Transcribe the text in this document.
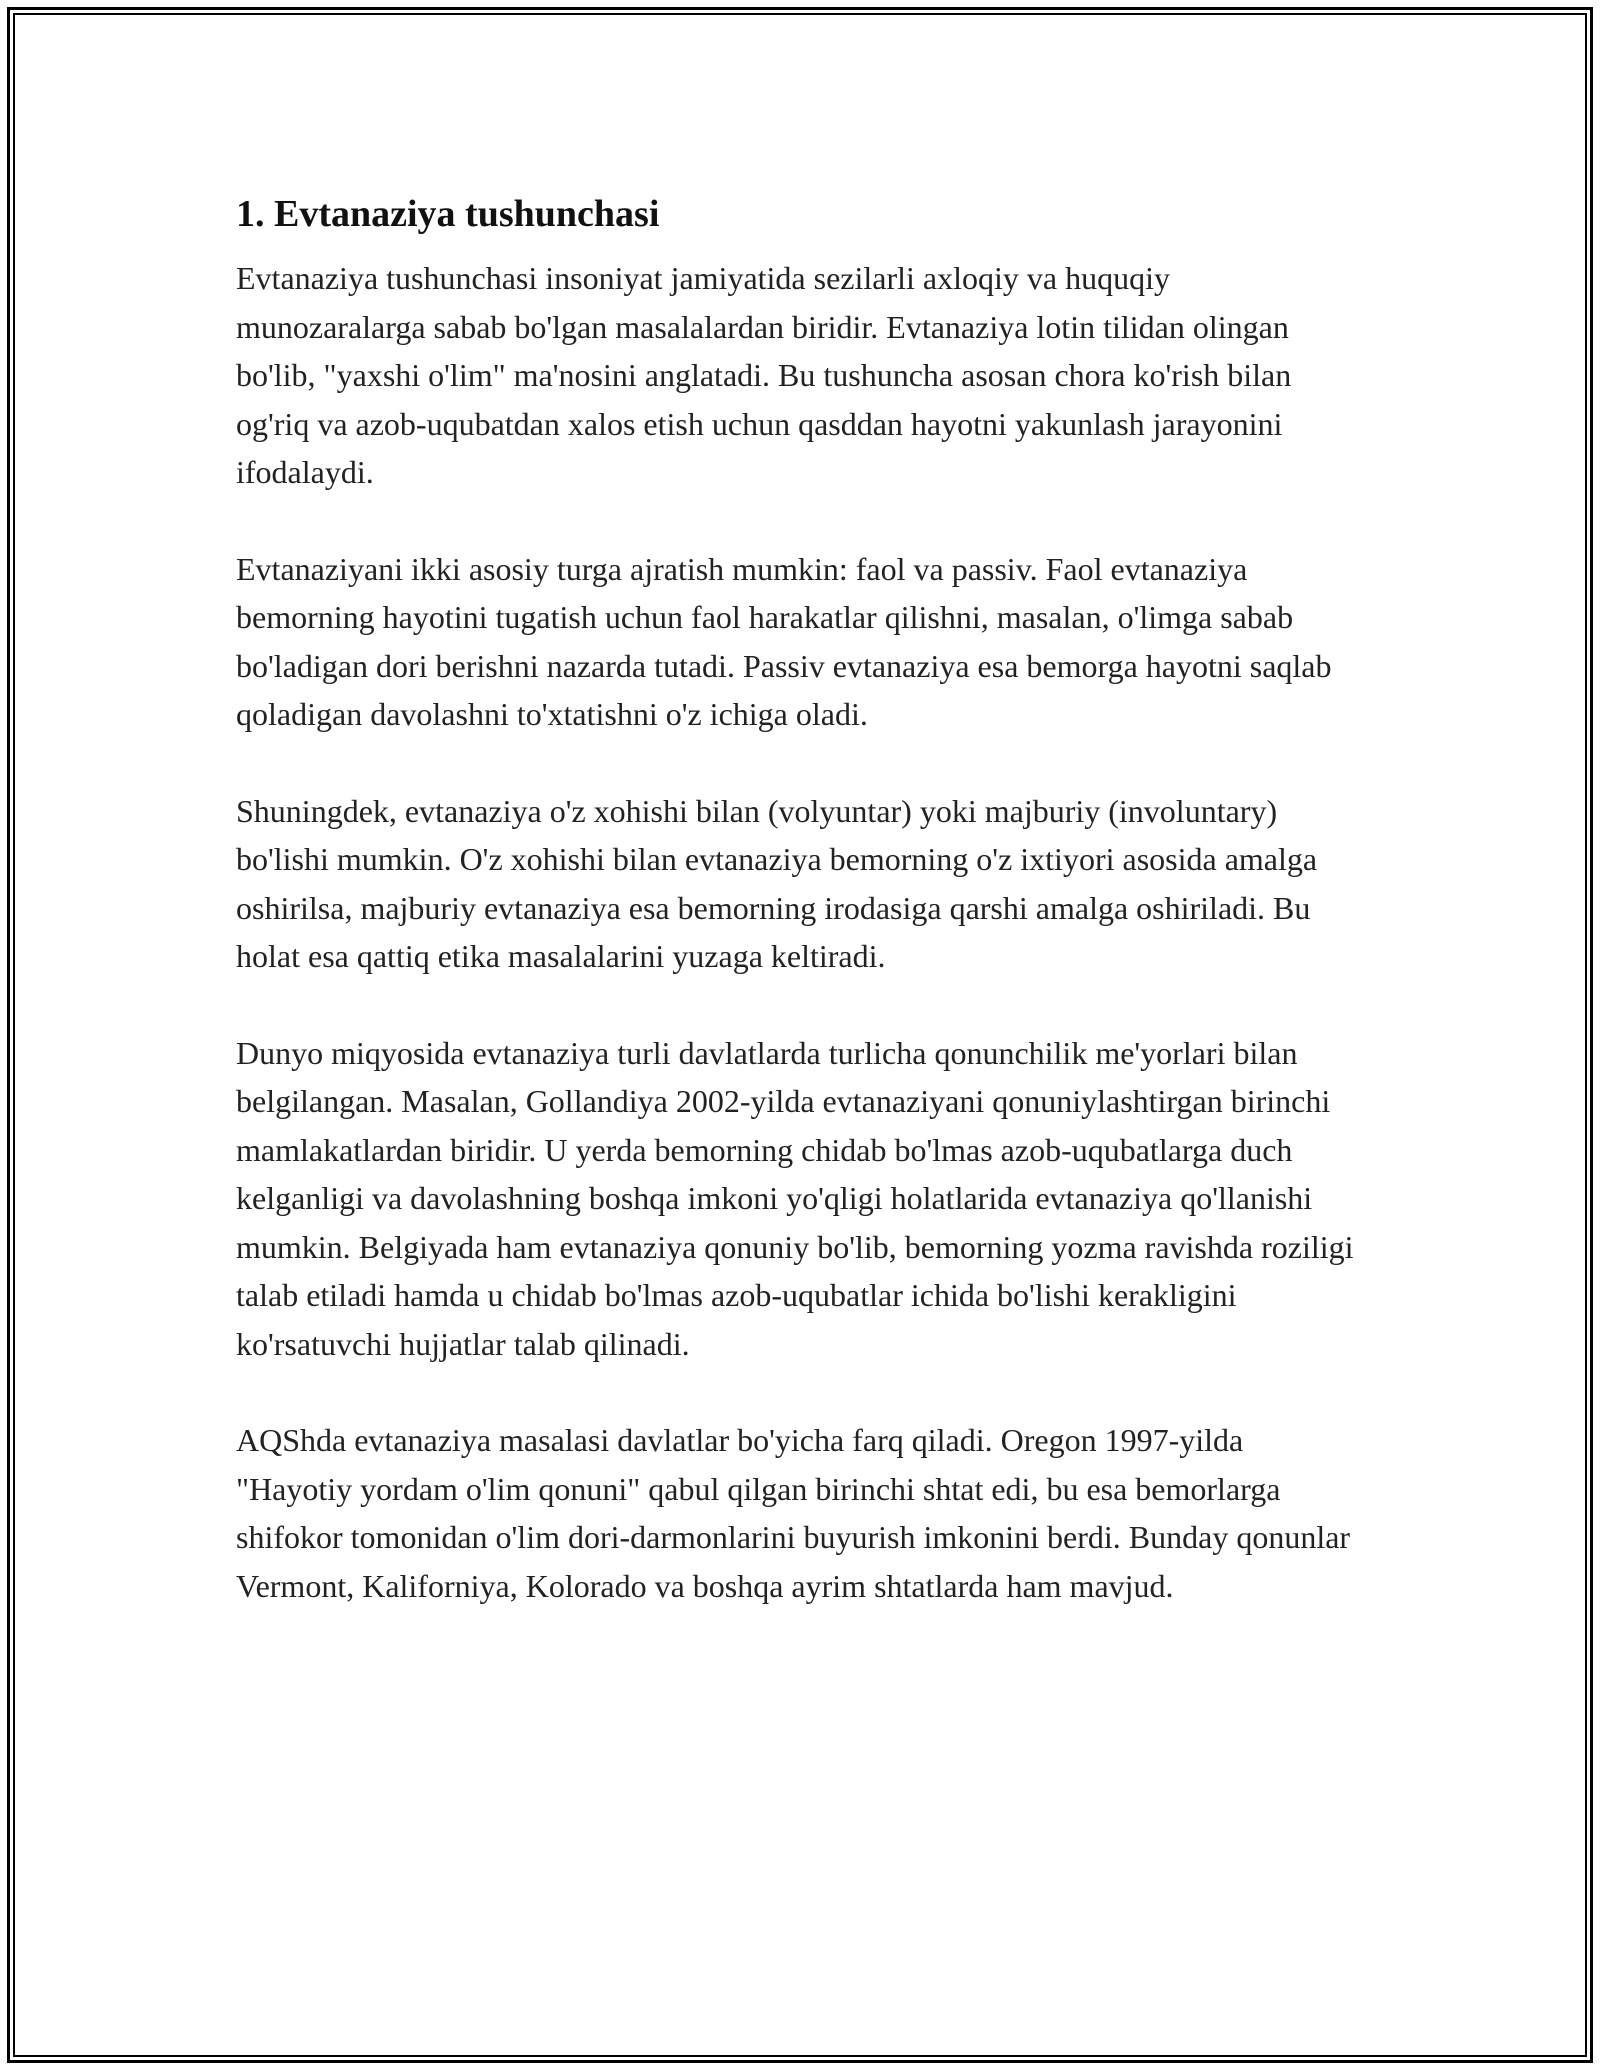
1. Evtanaziya tushunchasi

Evtanaziya tushunchasi insoniyat jamiyatida sezilarli axloqiy va huquqiy munozaralarga sabab bo'lgan masalalardan biridir. Evtanaziya lotin tilidan olingan bo'lib, "yaxshi o'lim" ma'nosini anglatadi. Bu tushuncha asosan chora ko'rish bilan og'riq va azob-uqubatdan xalos etish uchun qasddan hayotni yakunlash jarayonini ifodalaydi.

Evtanaziyani ikki asosiy turga ajratish mumkin: faol va passiv. Faol evtanaziya bemorning hayotini tugatish uchun faol harakatlar qilishni, masalan, o'limga sabab bo'ladigan dori berishni nazarda tutadi. Passiv evtanaziya esa bemorga hayotni saqlab qoladigan davolashni to'xtatishni o'z ichiga oladi.

Shuningdek, evtanaziya o'z xohishi bilan (volyuntar) yoki majburiy (involuntary) bo'lishi mumkin. O'z xohishi bilan evtanaziya bemorning o'z ixtiyori asosida amalga oshirilsa, majburiy evtanaziya esa bemorning irodasiga qarshi amalga oshiriladi. Bu holat esa qattiq etika masalalarini yuzaga keltiradi.

Dunyo miqyosida evtanaziya turli davlatlarda turlicha qonunchilik me'yorlari bilan belgilangan. Masalan, Gollandiya 2002-yilda evtanaziyani qonuniylashtirgan birinchi mamlakatlardan biridir. U yerda bemorning chidab bo'lmas azob-uqubatlarga duch kelganligi va davolashning boshqa imkoni yo'qligi holatlarida evtanaziya qo'llanishi mumkin. Belgiyada ham evtanaziya qonuniy bo'lib, bemorning yozma ravishda roziligi talab etiladi hamda u chidab bo'lmas azob-uqubatlar ichida bo'lishi kerakligini ko'rsatuvchi hujjatlar talab qilinadi.

AQShda evtanaziya masalasi davlatlar bo'yicha farq qiladi. Oregon 1997-yilda "Hayotiy yordam o'lim qonuni" qabul qilgan birinchi shtat edi, bu esa bemorlarga shifokor tomonidan o'lim dori-darmonlarini buyurish imkonini berdi. Bunday qonunlar Vermont, Kaliforniya, Kolorado va boshqa ayrim shtatlarda ham mavjud.
